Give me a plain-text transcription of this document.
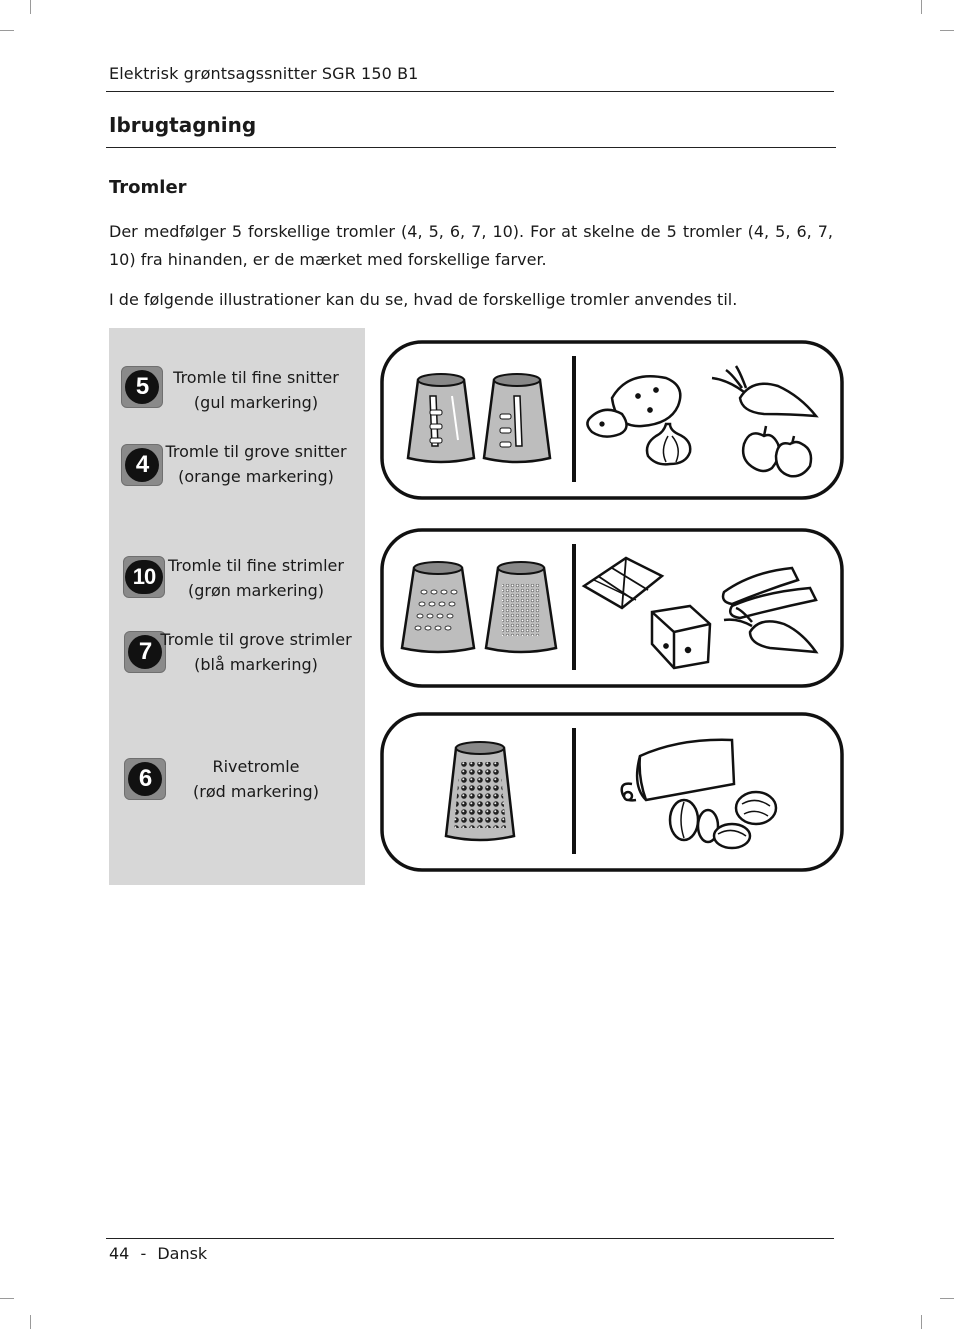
Elektrisk grøntsagssnitter SGR 150 B1
Ibrugtagning
Tromler
Der medfølger 5 forskellige tromler (4, 5, 6, 7, 10). For at skelne de 5 tromler (4, 5, 6, 7, 10) fra hinanden, er de mærket med forskellige farver.
I de følgende illustrationer kan du se, hvad de forskellige tromler anvendes til.
5	Tromle til fine snitter
(gul markering)
4	Tromle til grove snitter
(orange markering)
10 Tromle til fine strimler
(grøn markering)
7 Tromle til grove strimler
(blå markering)
6	Rivetromle
(rød markering)
44 - Dansk
